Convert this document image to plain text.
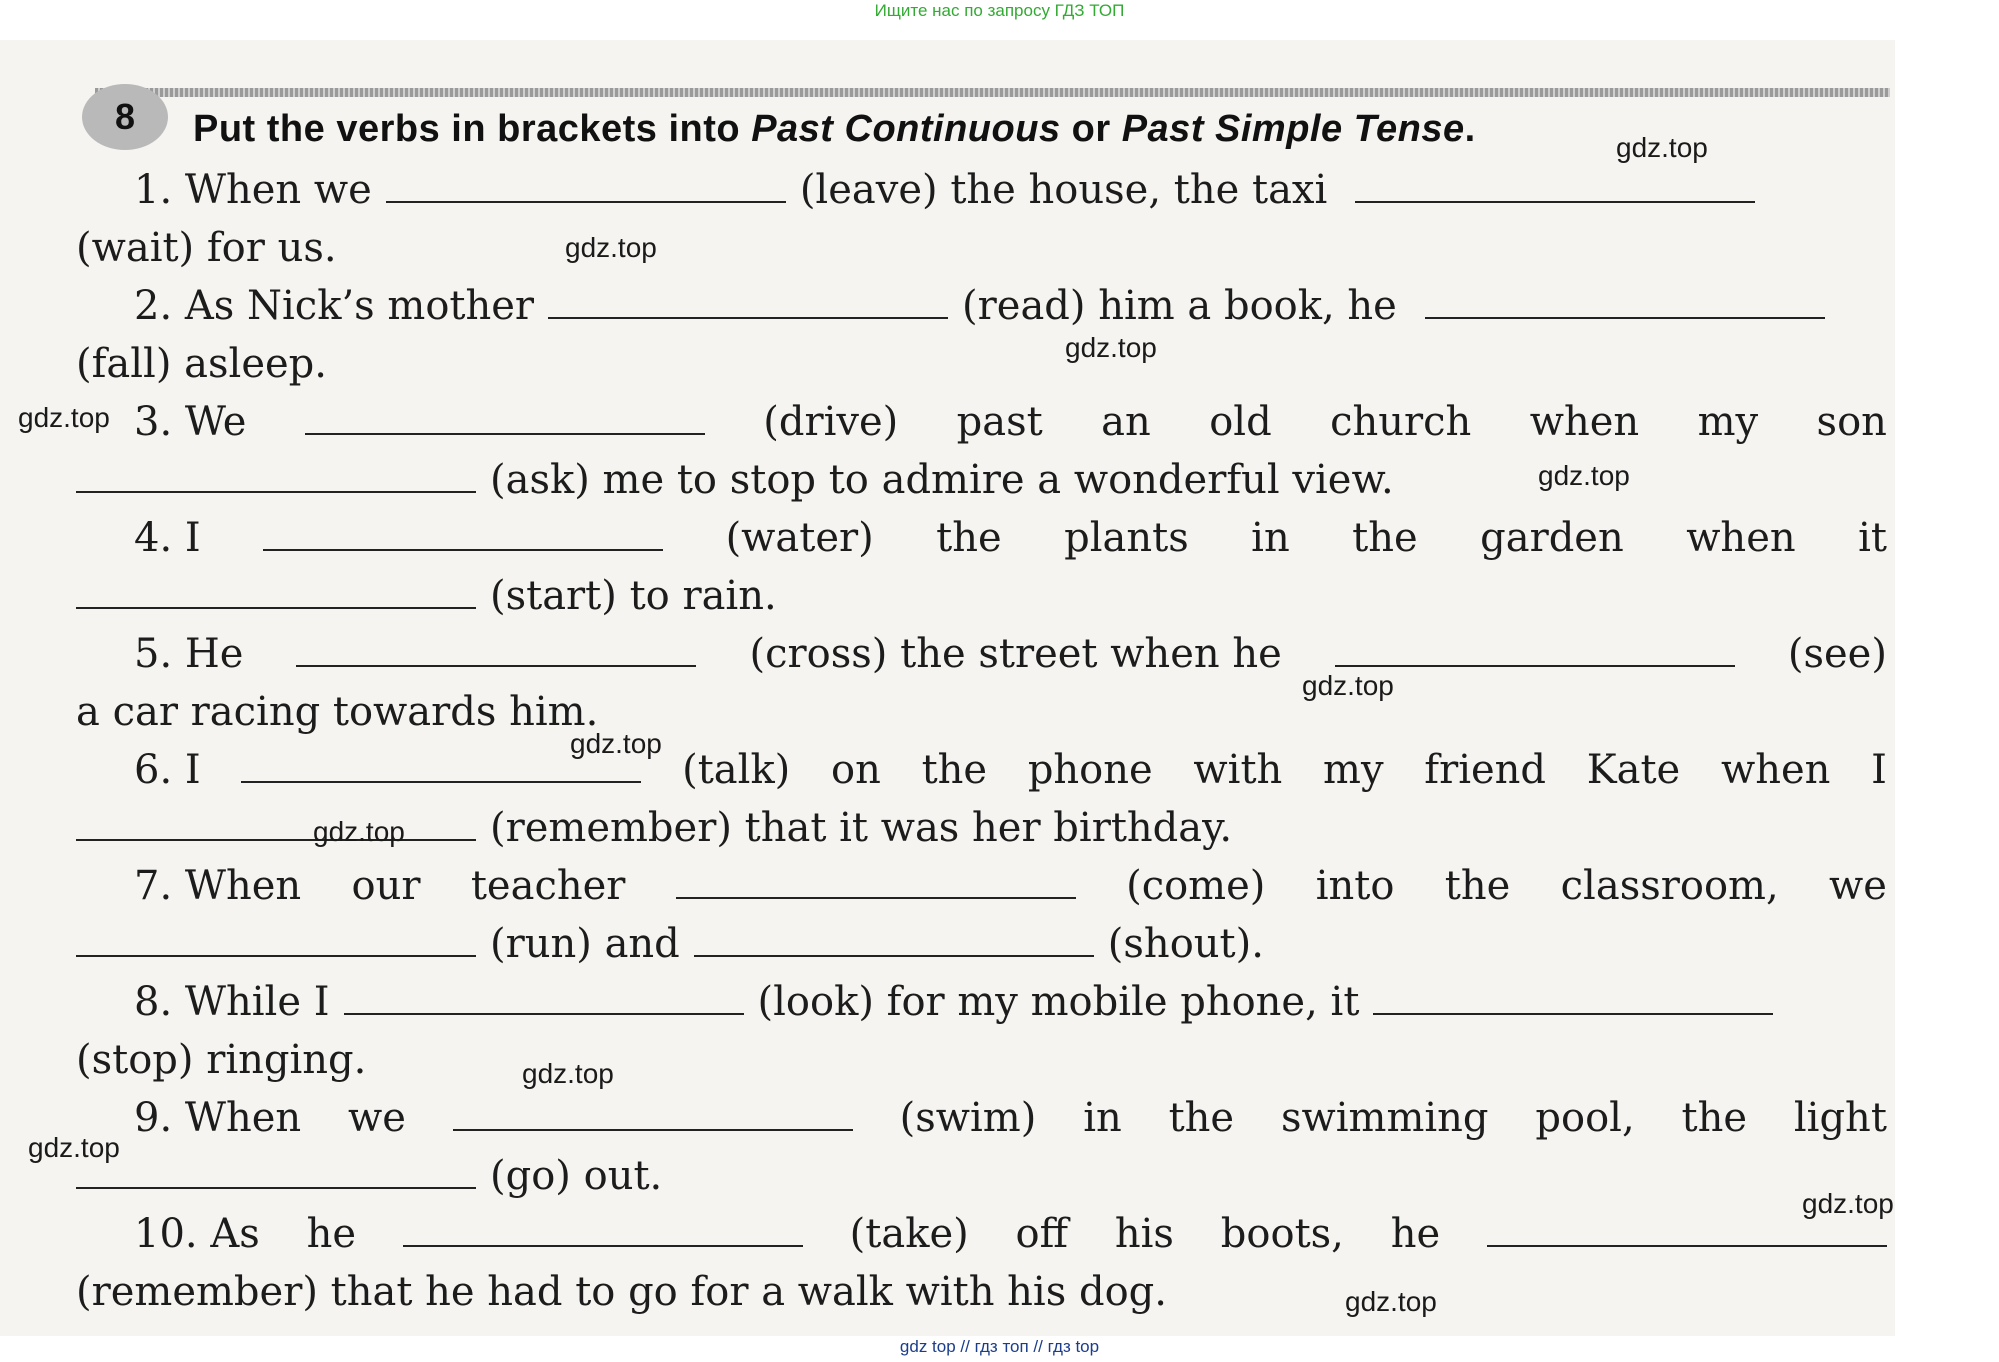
Ищите нас по запросу ГДЗ ТОП
8	Put the verbs in brackets into Past Continuous or Past Simple Tense.
1. When we	(leave) the house, the taxi
(wait) for us.
2. As Nick’s mother	(read) him a book, he
(fall) asleep.
3. We	(drive) past an old church when my son
(ask) me to stop to admire a wonderful view.
4. I	(water) the plants in the garden when it
(start) to rain.
5. He	(cross) the street when he	(see)
a car racing towards him.
6. I	(talk) on the phone with my friend Kate when I
(remember) that it was her birthday.
7. When our teacher	(come) into the classroom, we
(run) and	(shout).
8. While I	(look) for my mobile phone, it
(stop) ringing.
9. When we	(swim) in the swimming pool, the light
(go) out.
10. As he	(take) off his boots, he
(remember) that he had to go for a walk with his dog.
gdz.top
gdz.top
gdz.top
gdz.top
gdz.top
gdz.top
gdz.top
gdz.top
gdz.top
gdz.top
gdz.top
gdz.top
gdz top // гдз топ // гдз top
